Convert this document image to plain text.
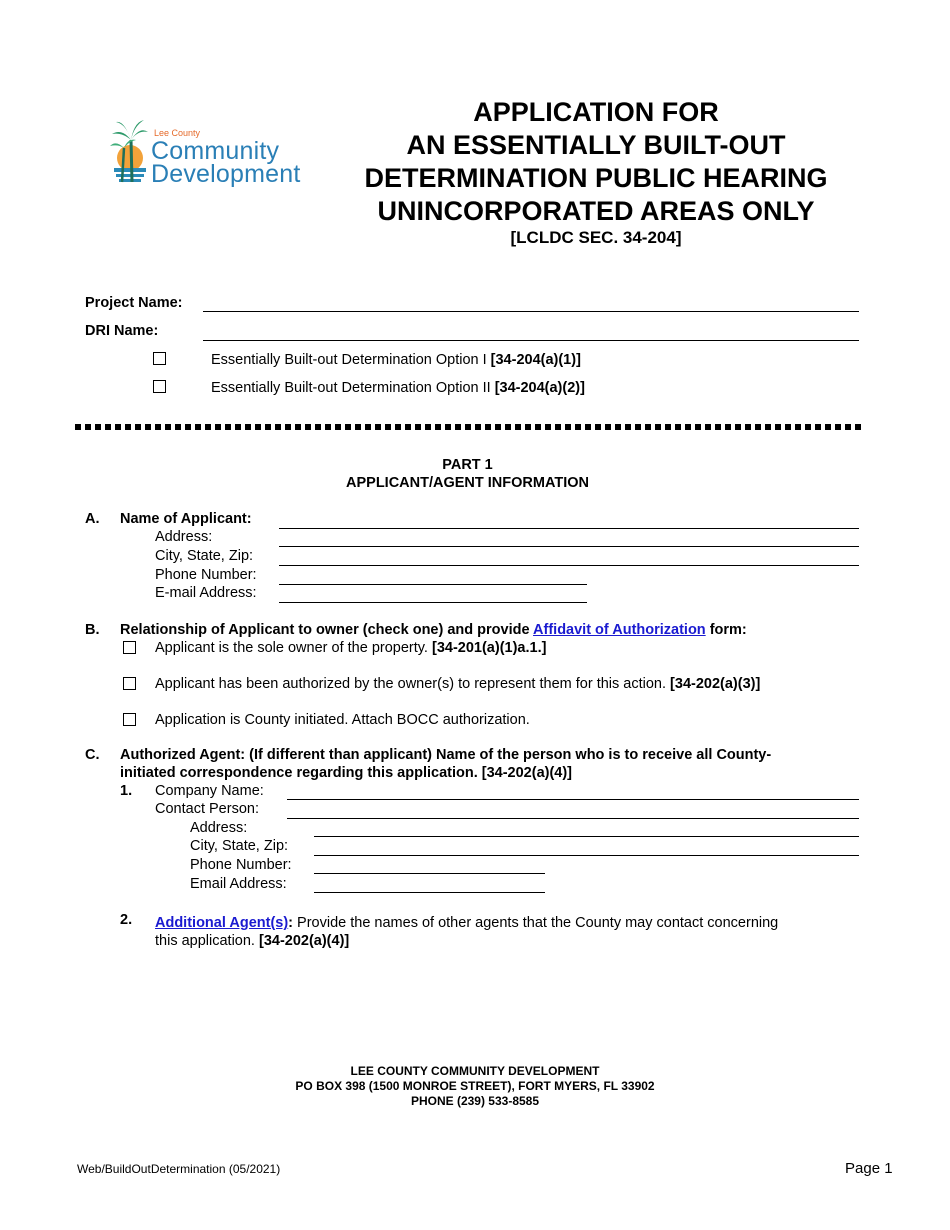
Lee County
Community
Development
APPLICATION FOR
AN ESSENTIALLY BUILT-OUT
DETERMINATION PUBLIC HEARING
UNINCORPORATED AREAS ONLY
[LCLDC SEC. 34-204]
Project Name:
DRI Name:
Essentially Built-out Determination Option I [34-204(a)(1)]
Essentially Built-out Determination Option II [34-204(a)(2)]
PART 1
APPLICANT/AGENT INFORMATION
A. Name of Applicant:
Address:
City, State, Zip:
Phone Number:
E-mail Address:
B. Relationship of Applicant to owner (check one) and provide Affidavit of Authorization form:
Applicant is the sole owner of the property. [34-201(a)(1)a.1.]
Applicant has been authorized by the owner(s) to represent them for this action. [34-202(a)(3)]
Application is County initiated. Attach BOCC authorization.
C. Authorized Agent: (If different than applicant) Name of the person who is to receive all County-
initiated correspondence regarding this application. [34-202(a)(4)]
1. Company Name:
Contact Person:
Address:
City, State, Zip:
Phone Number:
Email Address:
2. Additional Agent(s): Provide the names of other agents that the County may contact concerning
this application. [34-202(a)(4)]
LEE COUNTY COMMUNITY DEVELOPMENT
PO BOX 398 (1500 MONROE STREET), FORT MYERS, FL 33902
PHONE (239) 533-8585
Web/BuildOutDetermination (05/2021)	Page 1
